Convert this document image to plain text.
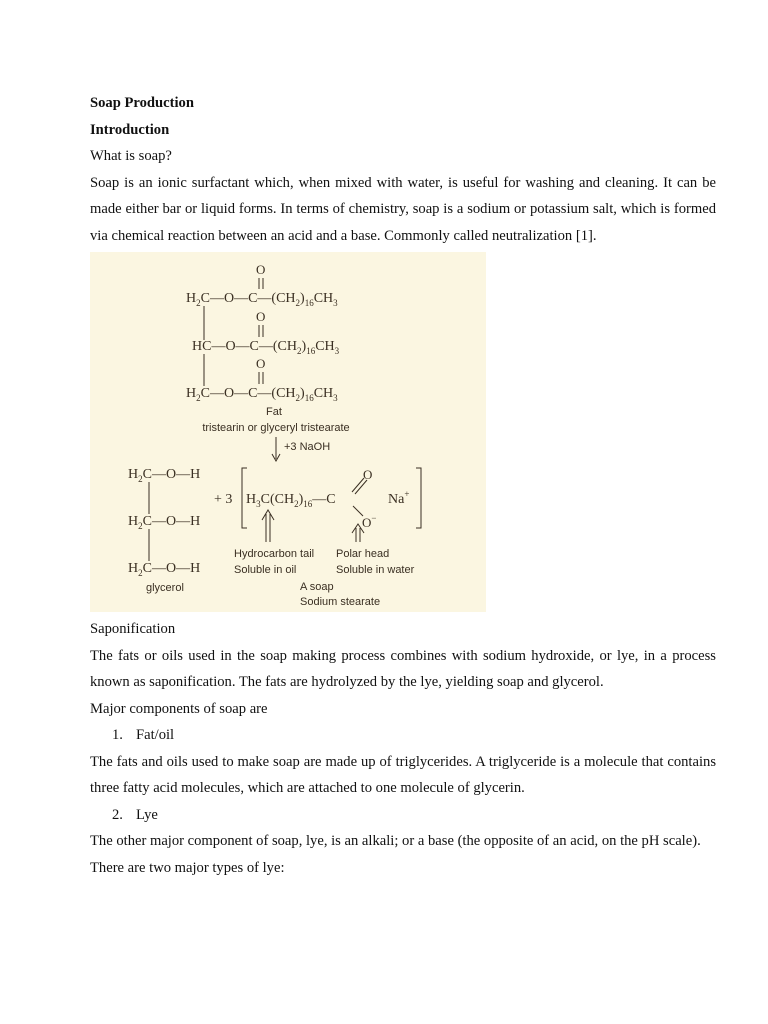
Soap Production

Introduction

What is soap?

Soap is an ionic surfactant which, when mixed with water, is useful for washing and cleaning. It can be made either bar or liquid forms. In terms of chemistry, soap is a sodium or potassium salt, which is formed via chemical reaction between an acid and a base. Commonly called neutralization [1].

O
$H_2C—O—C—(CH_2)_{16}CH_3$
O
$HC—O—C—(CH_2)_{16}CH_3$
O
$H_2C—O—C—(CH_2)_{16}CH_3$
Fat
tristearin or glyceryl tristearate
+3 NaOH
$H_2C—O—H$
$H_2C—O—H$
$H_2C—O—H$
glycerol
+ 3 $H_3C(CH_2)_{16}—C$
O
O−
Na+
Hydrocarbon tail
Soluble in oil
Polar head
Soluble in water
A soap
Sodium stearate

Saponification

The fats or oils used in the soap making process combines with sodium hydroxide, or lye, in a process known as saponification. The fats are hydrolyzed by the lye, yielding soap and glycerol.

Major components of soap are

1. Fat/oil

The fats and oils used to make soap are made up of triglycerides. A triglyceride is a molecule that contains three fatty acid molecules, which are attached to one molecule of glycerin.

2. Lye

The other major component of soap, lye, is an alkali; or a base (the opposite of an acid, on the pH scale).

There are two major types of lye:
